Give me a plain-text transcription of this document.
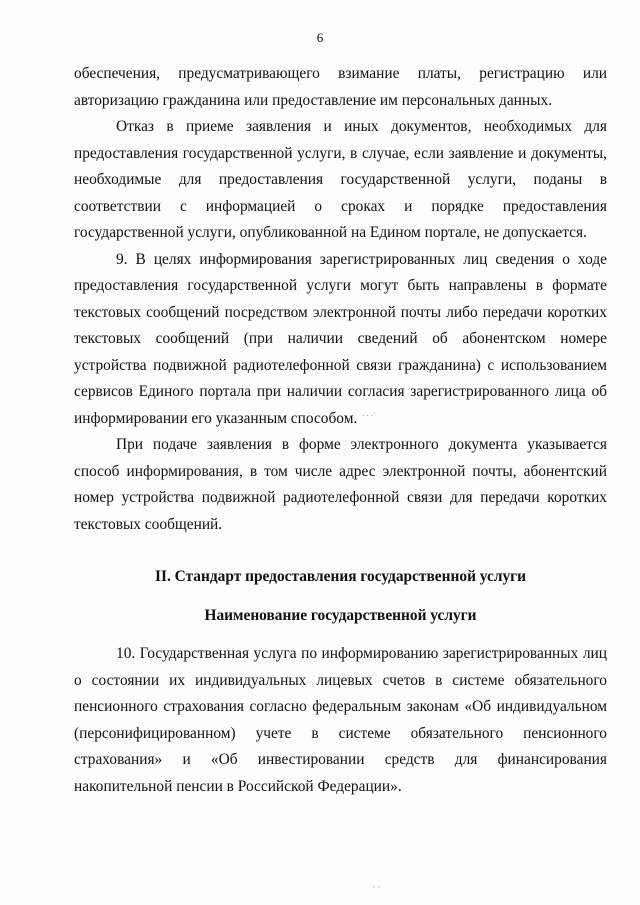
6

обеспечения, предусматривающего взимание платы, регистрацию или авторизацию гражданина или предоставление им персональных данных.

Отказ в приеме заявления и иных документов, необходимых для предоставления государственной услуги, в случае, если заявление и документы, необходимые для предоставления государственной услуги, поданы в соответствии с информацией о сроках и порядке предоставления государственной услуги, опубликованной на Едином портале, не допускается.

9. В целях информирования зарегистрированных лиц сведения о ходе предоставления государственной услуги могут быть направлены в формате текстовых сообщений посредством электронной почты либо передачи коротких текстовых сообщений (при наличии сведений об абонентском номере устройства подвижной радиотелефонной связи гражданина) с использованием сервисов Единого портала при наличии согласия зарегистрированного лица об информировании его указанным способом.

При подаче заявления в форме электронного документа указывается способ информирования, в том числе адрес электронной почты, абонентский номер устройства подвижной радиотелефонной связи для передачи коротких текстовых сообщений.

II. Стандарт предоставления государственной услуги

Наименование государственной услуги

10. Государственная услуга по информированию зарегистрированных лиц о состоянии их индивидуальных лицевых счетов в системе обязательного пенсионного страхования согласно федеральным законам «Об индивидуальном (персонифицированном) учете в системе обязательного пенсионного страхования» и «Об инвестировании средств для финансирования накопительной пенсии в Российской Федерации».

. . .·
· ·
